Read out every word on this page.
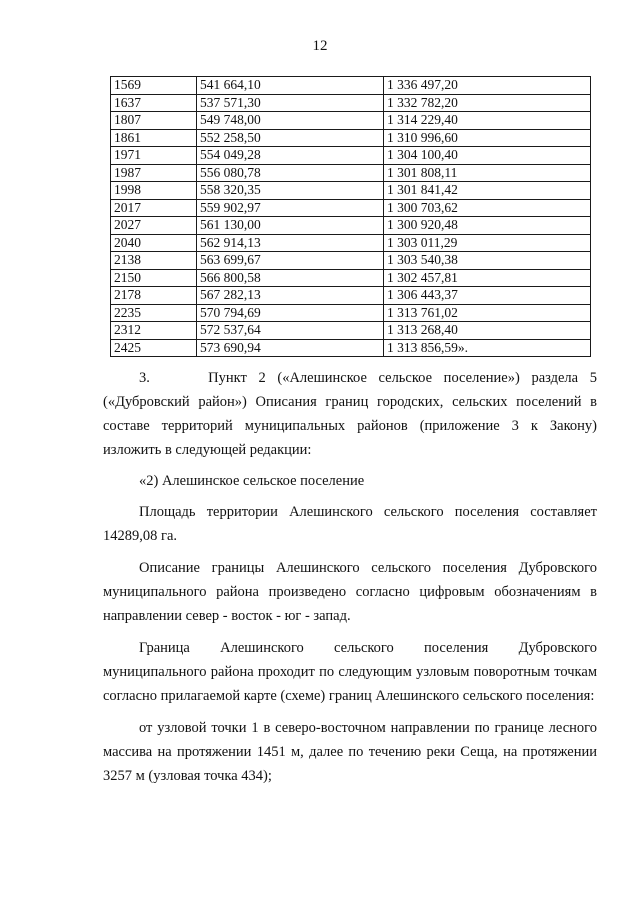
12
1569	541 664,10	1 336 497,20
1637	537 571,30	1 332 782,20
1807	549 748,00	1 314 229,40
1861	552 258,50	1 310 996,60
1971	554 049,28	1 304 100,40
1987	556 080,78	1 301 808,11
1998	558 320,35	1 301 841,42
2017	559 902,97	1 300 703,62
2027	561 130,00	1 300 920,48
2040	562 914,13	1 303 011,29
2138	563 699,67	1 303 540,38
2150	566 800,58	1 302 457,81
2178	567 282,13	1 306 443,37
2235	570 794,69	1 313 761,02
2312	572 537,64	1 313 268,40
2425	573 690,94	1 313 856,59».

3.     Пункт 2 («Алешинское сельское поселение») раздела 5 («Дубровский район») Описания границ городских, сельских поселений в составе территорий муниципальных районов (приложение 3 к Закону) изложить в следующей редакции:

«2) Алешинское сельское поселение

Площадь территории Алешинского сельского поселения составляет 14289,08 га.

Описание границы Алешинского сельского поселения Дубровского муниципального района произведено согласно цифровым обозначениям в направлении север - восток - юг - запад.

Граница Алешинского сельского поселения Дубровского муниципального района проходит по следующим узловым поворотным точкам согласно прилагаемой карте (схеме) границ Алешинского сельского поселения:

от узловой точки 1 в северо-восточном направлении по границе лесного массива на протяжении 1451 м, далее по течению реки Сеща, на протяжении 3257 м (узловая точка 434);
